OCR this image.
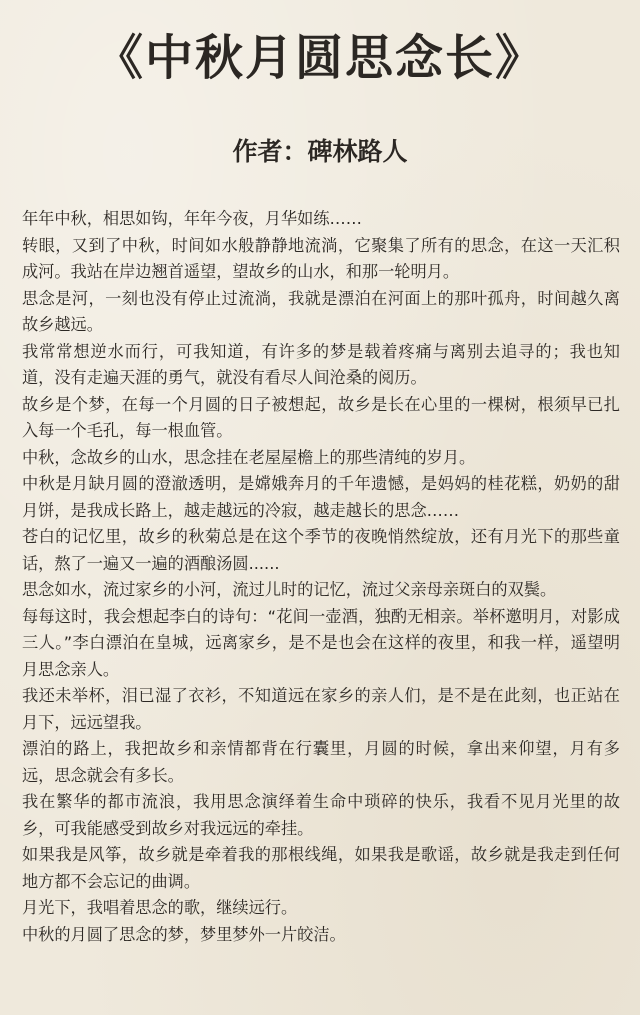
《中秋月圆思念长》
作者：碑林路人

年年中秋，相思如钩，年年今夜，月华如练……

转眼，又到了中秋，时间如水般静静地流淌，它聚集了所有的思念，在这一天汇积成河。我站在岸边翘首遥望，望故乡的山水，和那一轮明月。

思念是河，一刻也没有停止过流淌，我就是漂泊在河面上的那叶孤舟，时间越久离故乡越远。

我常常想逆水而行，可我知道，有许多的梦是载着疼痛与离别去追寻的；我也知道，没有走遍天涯的勇气，就没有看尽人间沧桑的阅历。

故乡是个梦，在每一个月圆的日子被想起，故乡是长在心里的一棵树，根须早已扎入每一个毛孔，每一根血管。

中秋，念故乡的山水，思念挂在老屋屋檐上的那些清纯的岁月。

中秋是月缺月圆的澄澈透明，是嫦娥奔月的千年遗憾，是妈妈的桂花糕，奶奶的甜月饼，是我成长路上，越走越远的冷寂，越走越长的思念……

苍白的记忆里，故乡的秋菊总是在这个季节的夜晚悄然绽放，还有月光下的那些童话，熬了一遍又一遍的酒酿汤圆......

思念如水，流过家乡的小河，流过儿时的记忆，流过父亲母亲斑白的双鬓。

每每这时，我会想起李白的诗句：“花间一壶酒，独酌无相亲。举杯邀明月，对影成三人。”李白漂泊在皇城，远离家乡，是不是也会在这样的夜里，和我一样，遥望明月思念亲人。

我还未举杯，泪已湿了衣衫，不知道远在家乡的亲人们，是不是在此刻，也正站在月下，远远望我。

漂泊的路上，我把故乡和亲情都背在行囊里，月圆的时候，拿出来仰望，月有多远，思念就会有多长。

我在繁华的都市流浪，我用思念演绎着生命中琐碎的快乐，我看不见月光里的故乡，可我能感受到故乡对我远远的牵挂。

如果我是风筝，故乡就是牵着我的那根线绳，如果我是歌谣，故乡就是我走到任何地方都不会忘记的曲调。

月光下，我唱着思念的歌，继续远行。

中秋的月圆了思念的梦，梦里梦外一片皎洁。
